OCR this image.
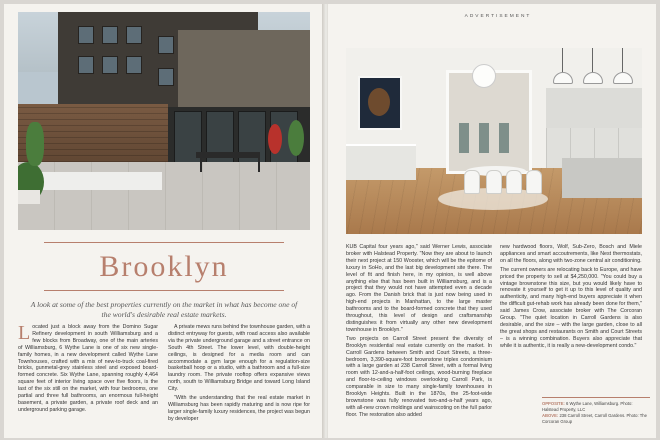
Brooklyn
A look at some of the best properties currently on the market in what has become one of the world's desirable real estate markets.

Located just a block away from the Domino Sugar Refinery development in south Williamsburg and a few blocks from Broadway, one of the main arteries of Williamsburg, 6 Wythe Lane is one of six new single-family homes, in a new development called Wythe Lane Townhouses, crafted with a mix of new-to-truck coal-fired bricks, gunmetal-grey stainless steel and exposed board-formed concrete. Six Wythe Lane, spanning roughly 4,464 square feet of interior living space over five floors, is the last of the six still on the market, with four bedrooms, one partial and three full bathrooms, an enormous full-height basement, a private garden, a private roof deck and an underground parking garage.

A private mews runs behind the townhouse garden, with a distinct entryway for guests, with road access also available via the private underground garage and a street entrance on South 4th Street. The lower level, with double-height ceilings, is designed for a media room and can accommodate a gym large enough for a regulation-size basketball hoop or a studio, with a bathroom and a full-size laundry room. The private rooftop offers expansive views north, south to Williamsburg Bridge and toward Long Island City.

"With the understanding that the real estate market in Williamsburg has been rapidly maturing and is now ripe for larger single-family luxury residences, the project was begun by developer

ADVERTISEMENT

KUB Capital four years ago," said Werner Lewis, associate broker with Halstead Property. "Now they are about to launch their next project at 150 Wooster, which will be the epitome of luxury in SoHo, and the last big development site there. The level of fit and finish here, in my opinion, is well above anything else that has been built in Williamsburg, and is a project that they would not have attempted even a decade ago. From the Danish brick that is just now being used in high-end projects in Manhattan, to the large master bathrooms and to the board-formed concrete that they used throughout, this level of design and craftsmanship distinguishes it from virtually any other new development townhouse in Brooklyn."

Two projects on Carroll Street present the diversity of Brooklyn residential real estate currently on the market. In Carroll Gardens between Smith and Court Streets, a three-bedroom, 3,390-square-foot brownstone triplex condominium with a large garden at 238 Carroll Street, with a formal living room with 12-and-a-half-foot ceilings, wood-burning fireplace and floor-to-ceiling windows overlooking Carroll Park, is comparable in size to many single-family townhouses in Brooklyn Heights. Built in the 1870s, the 25-foot-wide brownstone was fully renovated two-and-a-half years ago, with all-new crown moldings and wainscoting on the full parlor floor. The restoration also added

new hardwood floors, Wolf, Sub-Zero, Bosch and Miele appliances and smart accoutrements, like Nest thermostats, on all the floors, along with two-zone central air conditioning.

The current owners are relocating back to Europe, and have priced the property to sell at $4,250,000. "You could buy a vintage brownstone this size, but you would likely have to renovate it yourself to get it up to this level of quality and authenticity, and many high-end buyers appreciate it when the difficult gut-rehab work has already been done for them," said James Crow, associate broker with The Corcoran Group. "The quiet location in Carroll Gardens is also desirable, and the size – with the large garden, close to all the great shops and restaurants on Smith and Court Streets – is a winning combination. Buyers also appreciate that while it is authentic, it is really a new-development condo."

OPPOSITE: 6 Wythe Lane, Williamsburg. Photo: Halstead Property, LLC
ABOVE: 238 Carroll Street, Carroll Gardens. Photo: The Corcoran Group
